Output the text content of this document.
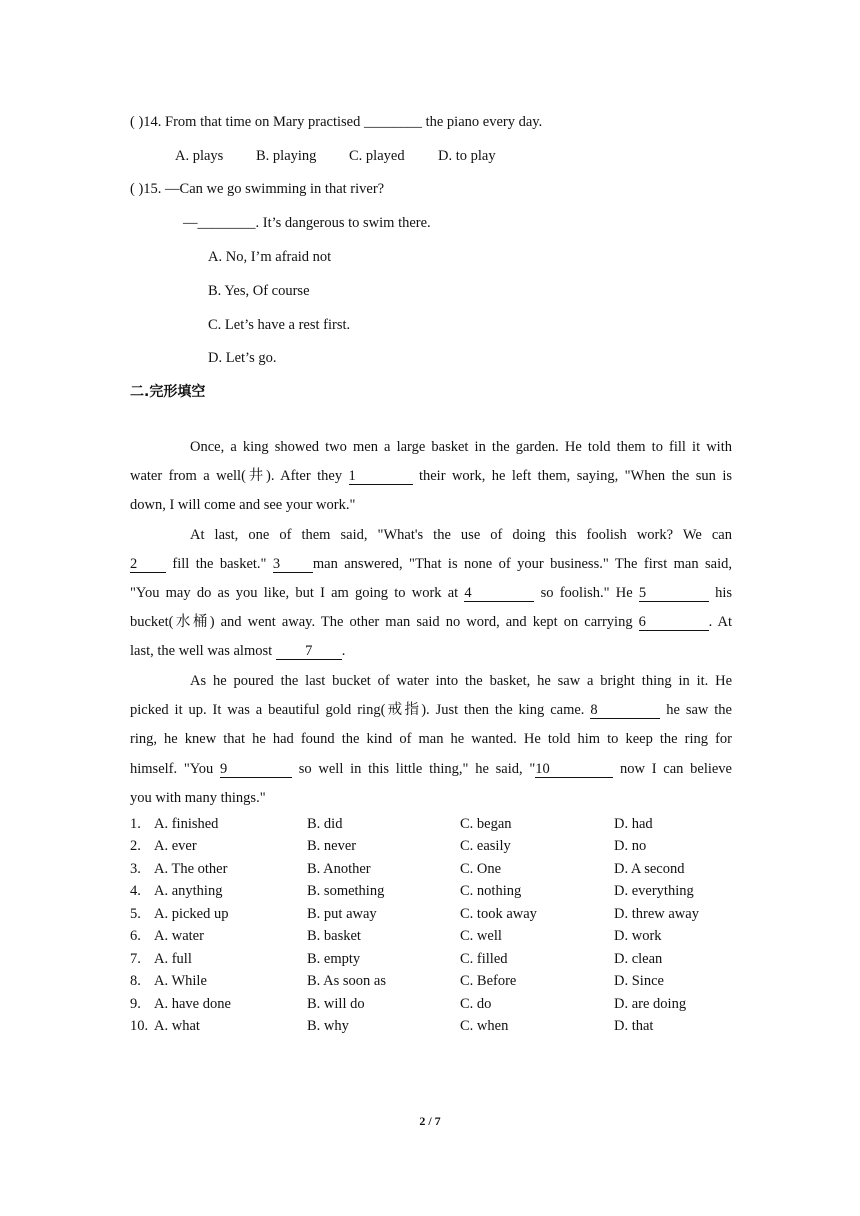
( )14. From that time on Mary practised ________ the piano every day.
A. plays B. playing C. played D. to play
( )15. —Can we go swimming in that river?
—________. It’s dangerous to swim there.
A. No, I’m afraid not
B. Yes, Of course
C. Let’s have a rest first.
D. Let’s go.
二.完形填空
Once, a king showed two men a large basket in the garden. He told them to fill it with
water from a well(井). After they 1	their work, he left them, saying, "When the sun is
down, I will come and see your work."
At last, one of them said, "What's the use of doing this foolish work? We can
2 fill the basket." 3 man answered, "That is none of your business." The first man said,
"You may do as you like, but I am going to work at 4	so foolish." He 5	his
bucket(水桶) and went away. The other man said no word, and kept on carrying 6	. At
last, the well was almost 7 .
As he poured the last bucket of water into the basket, he saw a bright thing in it. He
picked it up. It was a beautiful gold ring(戒指). Just then the king came. 8	he saw the
ring, he knew that he had found the kind of man he wanted. He told him to keep the ring for
himself. "You 9	so well in this little thing," he said, "10	now I can believe
you with many things."
1. A. finished	B. did	C. began	D. had
2. A. ever	B. never	C. easily	D. no
3. A. The other	B. Another	C. One	D. A second
4. A. anything	B. something	C. nothing	D. everything
5. A. picked up	B. put away	C. took away	D. threw away
6. A. water	B. basket	C. well	D. work
7. A. full	B. empty	C. filled	D. clean
8. A. While	B. As soon as	C. Before	D. Since
9. A. have done	B. will do	C. do	D. are doing
10. A. what	B. why	C. when	D. that
2 / 7
